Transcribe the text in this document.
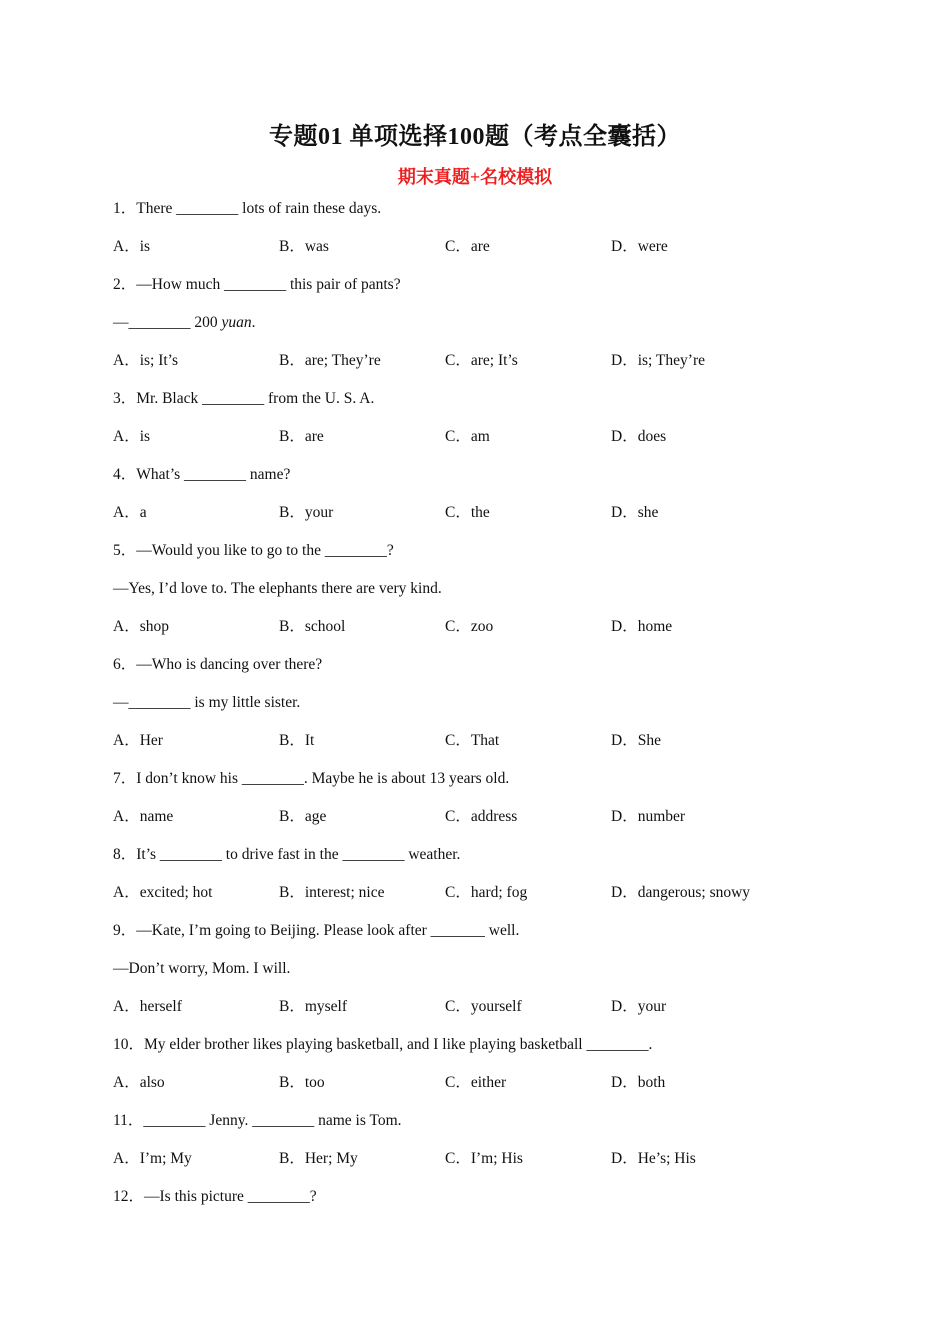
专题01 单项选择100题（考点全囊括）
期末真题+名校模拟
1．There ________ lots of rain these days.
A．is	B．was	C．are	D．were
2．—How much ________ this pair of pants?
—________ 200 yuan.
A．is; It’s	B．are; They’re	C．are; It’s	D．is; They’re
3．Mr. Black ________ from the U. S. A.
A．is	B．are	C．am	D．does
4．What’s ________ name?
A．a	B．your	C．the	D．she
5．—Would you like to go to the ________?
—Yes, I’d love to. The elephants there are very kind.
A．shop	B．school	C．zoo	D．home
6．—Who is dancing over there?
—________ is my little sister.
A．Her	B．It	C．That	D．She
7．I don’t know his ________. Maybe he is about 13 years old.
A．name	B．age	C．address	D．number
8．It’s ________ to drive fast in the ________ weather.
A．excited; hot	B．interest; nice	C．hard; fog	D．dangerous; snowy
9．—Kate, I’m going to Beijing. Please look after _______ well.
—Don’t worry, Mom. I will.
A．herself	B．myself	C．yourself	D．your
10．My elder brother likes playing basketball, and I like playing basketball ________.
A．also	B．too	C．either	D．both
11．________ Jenny. ________ name is Tom.
A．I’m; My	B．Her; My	C．I’m; His	D．He’s; His
12．—Is this picture ________?
